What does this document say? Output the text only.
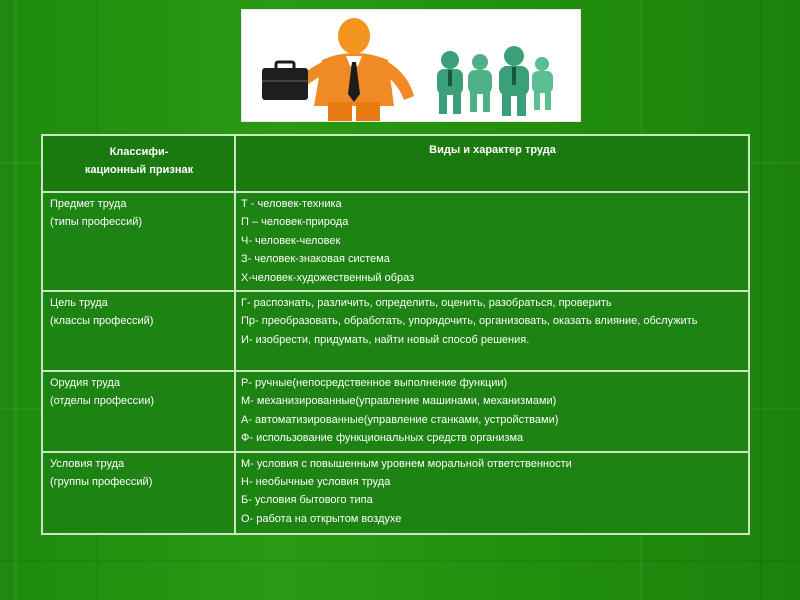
Классифи-
кационный признак	Виды и характер труда

Предмет труда
(типы профессий)	Т - человек-техника
П – человек-природа
Ч- человек-человек
З- человек-знаковая система
Х-человек-художественный образ

Цель труда
(классы профессий)	Г- распознать, различить, определить, оценить, разобраться, проверить
Пр- преобразовать, обработать, упорядочить, организовать, оказать влияние, обслужить
И- изобрести, придумать, найти новый способ решения.

Орудия труда
(отделы профессии)	Р- ручные(непосредственное выполнение функции)
М- механизированные(управление машинами, механизмами)
А- автоматизированные(управление станками, устройствами)
Ф- использование функциональных средств организма

Условия труда
(группы профессий)	М- условия с повышенным уровнем моральной ответственности
Н- необычные условия труда
Б- условия бытового типа
О- работа на открытом воздухе
